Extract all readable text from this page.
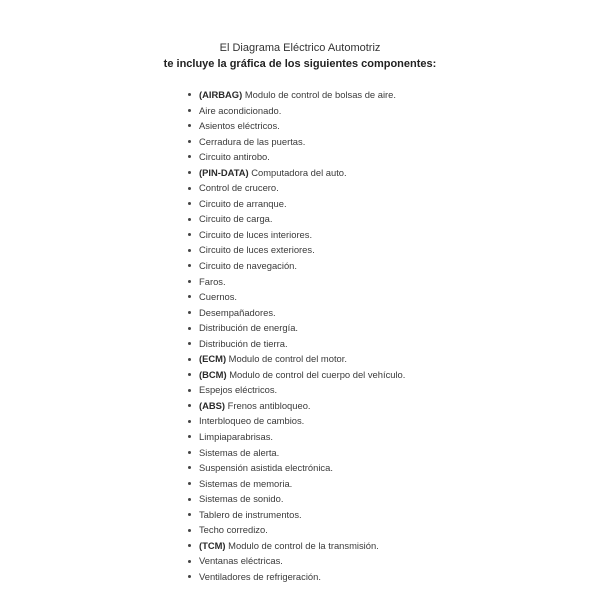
El Diagrama Eléctrico Automotriz
te incluye la gráfica de los siguientes componentes:
(AIRBAG) Modulo de control de bolsas de aire.
Aire acondicionado.
Asientos eléctricos.
Cerradura de las puertas.
Circuito antirobo.
(PIN-DATA) Computadora del auto.
Control de crucero.
Circuito de arranque.
Circuito de carga.
Circuito de luces interiores.
Circuito de luces exteriores.
Circuito de navegación.
Faros.
Cuernos.
Desempañadores.
Distribución de energía.
Distribución de tierra.
(ECM) Modulo de control del motor.
(BCM) Modulo de control del cuerpo del vehículo.
Espejos eléctricos.
(ABS) Frenos antibloqueo.
Interbloqueo de cambios.
Limpiaparabrisas.
Sistemas de alerta.
Suspensión asistida electrónica.
Sistemas de memoria.
Sistemas de sonido.
Tablero de instrumentos.
Techo corredizo.
(TCM) Modulo de control de la transmisión.
Ventanas eléctricas.
Ventiladores de refrigeración.
